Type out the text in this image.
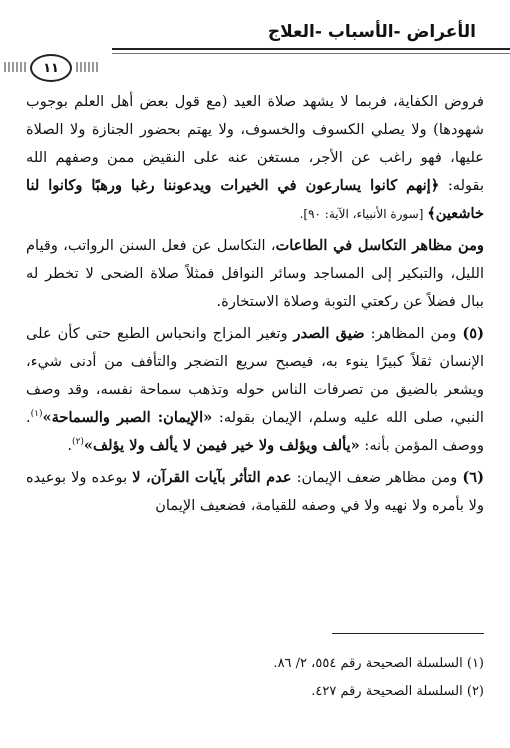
الأعراض -الأسباب -العلاج
١١

فروض الكفاية، فربما لا يشهد صلاة العيد (مع قول بعض أهل العلم بوجوب شهودها) ولا يصلي الكسوف والخسوف، ولا يهتم بحضور الجنازة ولا الصلاة عليها، فهو راغب عن الأجر، مستغن عنه على النقيض ممن وصفهم الله بقوله: ﴿إنهم كانوا يسارعون في الخيرات ويدعوننا رغبا ورهبًا وكانوا لنا خاشعين﴾ [سورة الأنبياء، الآية: ٩٠].

ومن مظاهر التكاسل في الطاعات، التكاسل عن فعل السنن الرواتب، وقيام الليل، والتبكير إلى المساجد وسائر النوافل فمثلاً صلاة الضحى لا تخطر له ببال فضلاً عن ركعتي التوبة وصلاة الاستخارة.

(٥) ومن المظاهر: ضيق الصدر وتغير المزاج وانحباس الطبع حتى كأن على الإنسان ثقلاً كبيرًا ينوء به، فيصبح سريع التضجر والتأفف من أدنى شيء، ويشعر بالضيق من تصرفات الناس حوله وتذهب سماحة نفسه، وقد وصف النبي، صلى الله عليه وسلم، الإيمان بقوله: «الإيمان: الصبر والسماحة»$^{(١)}$. ووصف المؤمن بأنه: «يألف ويؤلف ولا خير فيمن لا يألف ولا يؤلف»$^{(٢)}$.

(٦) ومن مظاهر ضعف الإيمان: عدم التأثر بآيات القرآن، لا بوعده ولا بوعيده ولا بأمره ولا نهيه ولا في وصفه للقيامة، فضعيف الإيمان

(١) السلسلة الصحيحة رقم ٥٥٤، ٢/ ٨٦.

(٢) السلسلة الصحيحة رقم ٤٢٧.
